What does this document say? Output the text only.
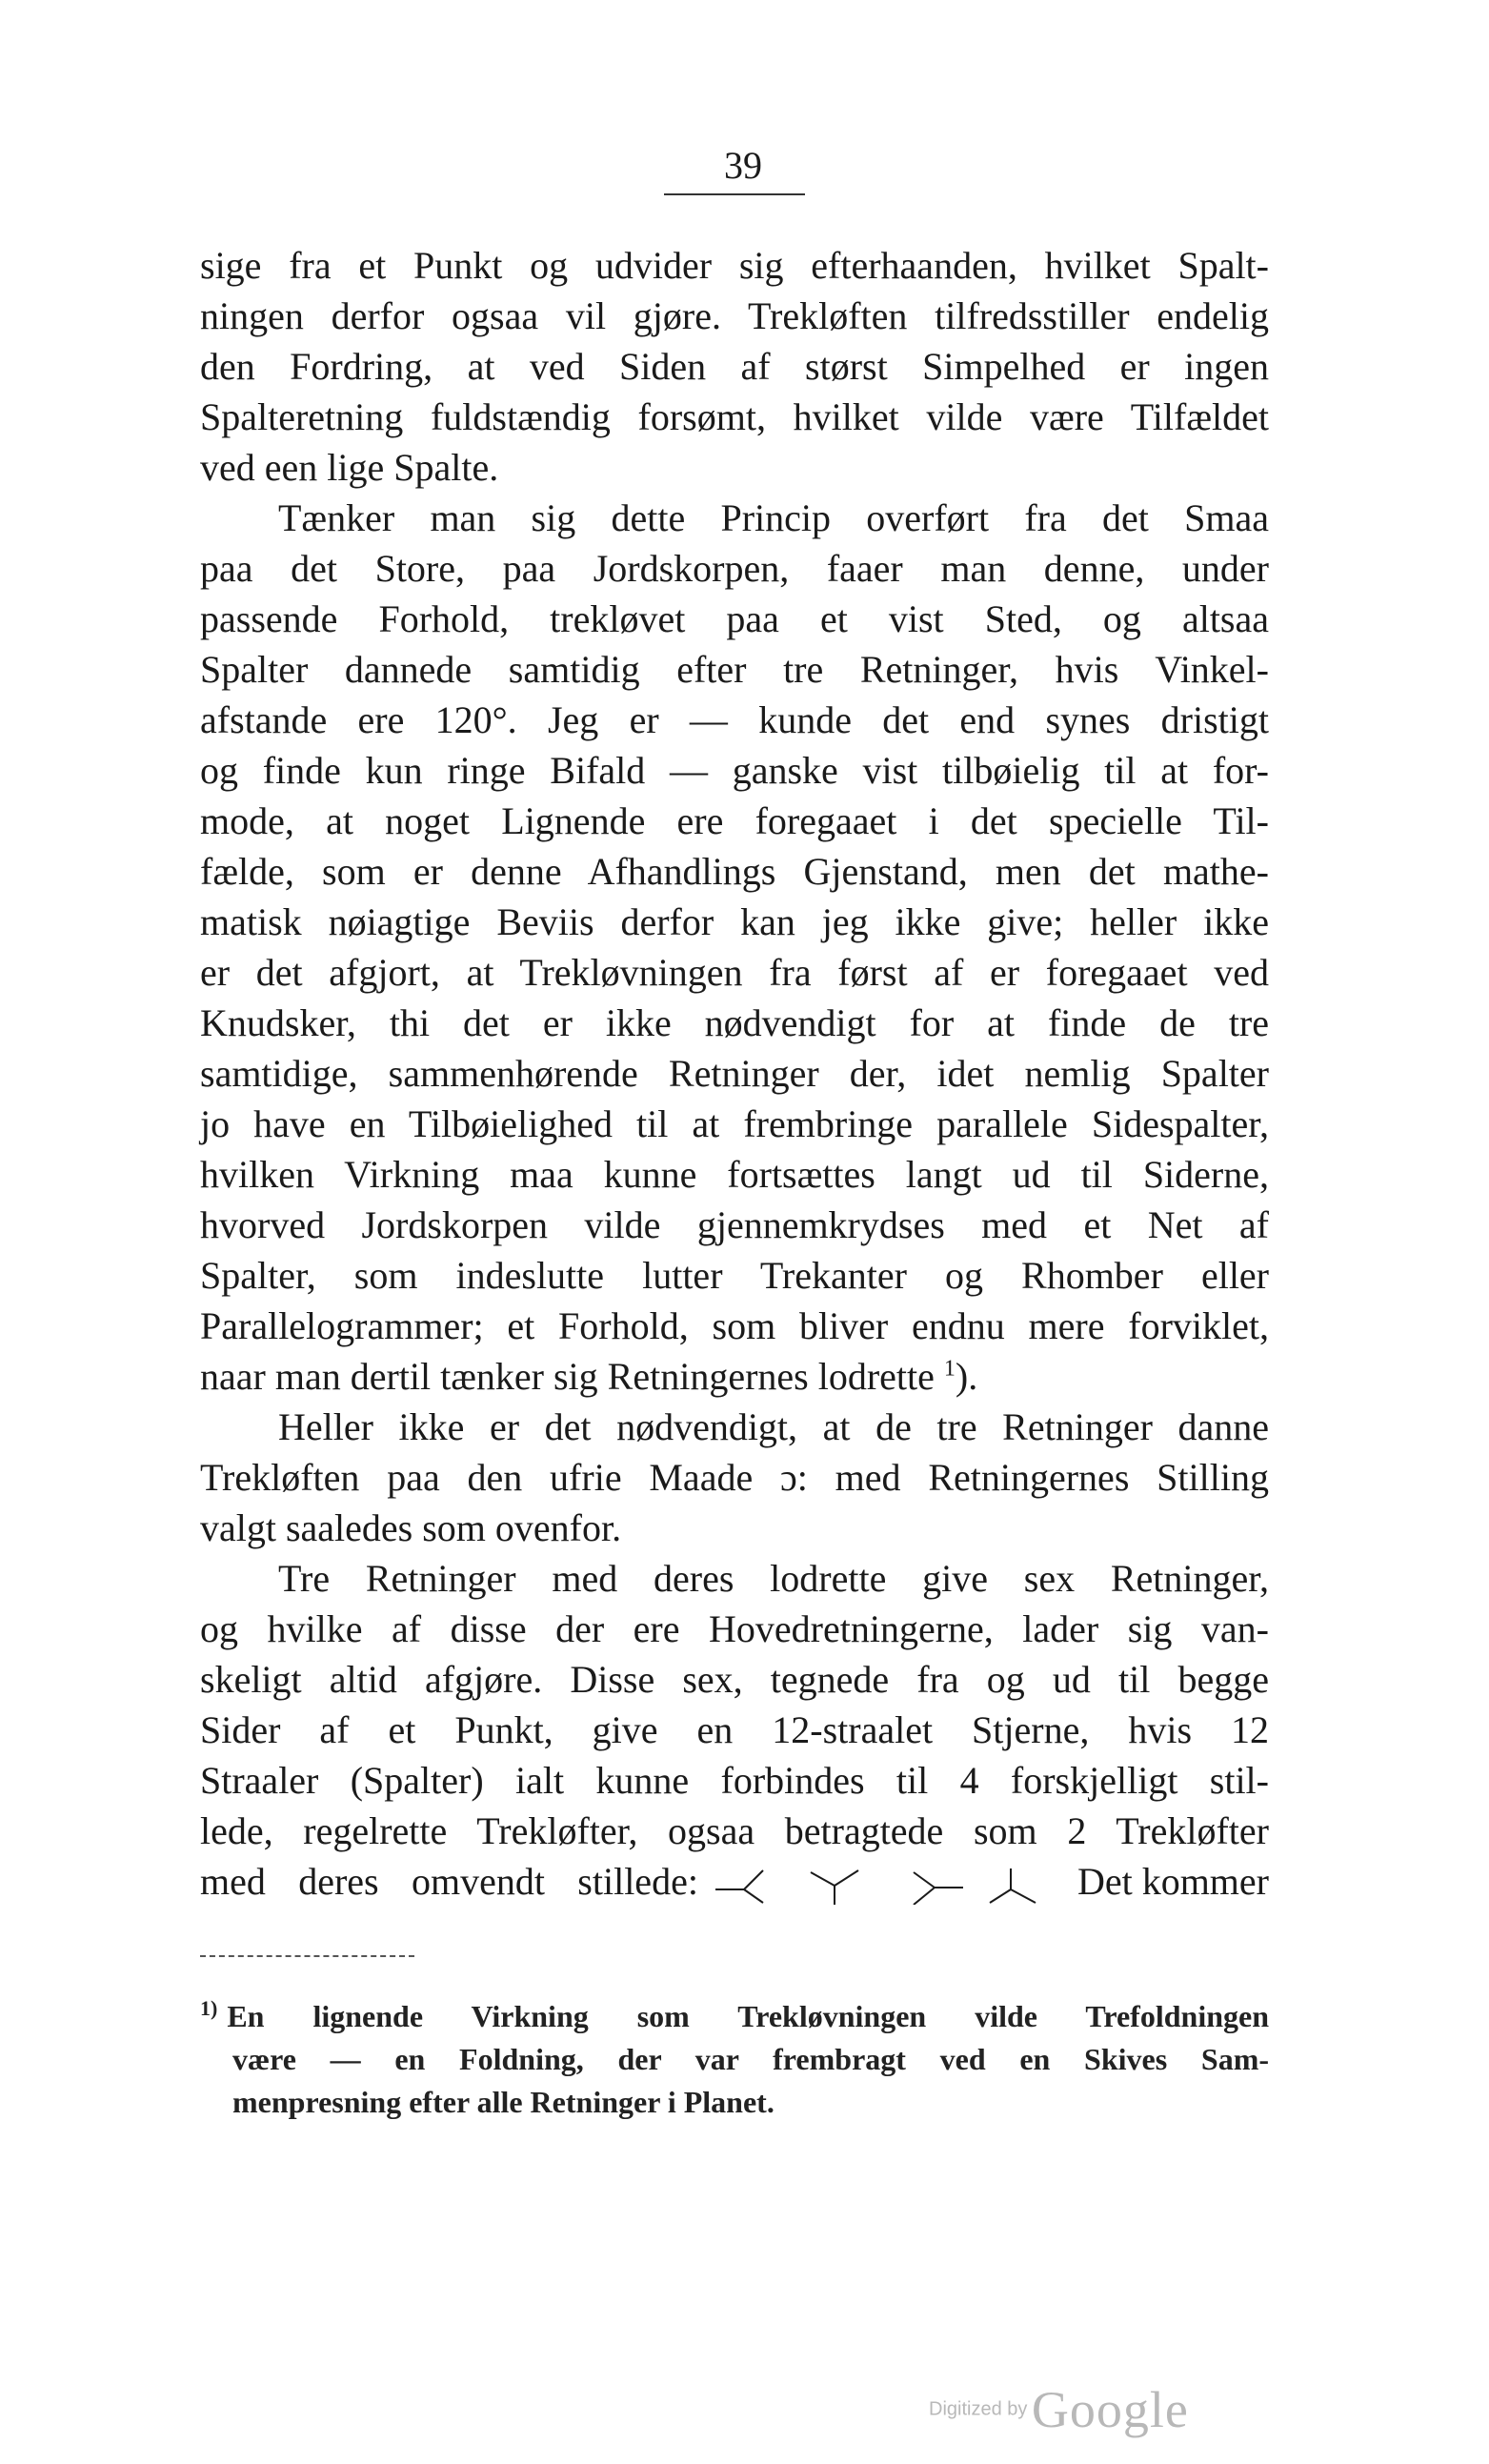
39

sige fra et Punkt og udvider sig efterhaanden, hvilket Spalt-
ningen derfor ogsaa vil gjøre. Trekløften tilfredsstiller endelig
den Fordring, at ved Siden af størst Simpelhed er ingen
Spalteretning fuldstændig forsømt, hvilket vilde være Tilfældet
ved een lige Spalte.

Tænker man sig dette Princip overført fra det Smaa
paa det Store, paa Jordskorpen, faaer man denne, under
passende Forhold, trekløvet paa et vist Sted, og altsaa
Spalter dannede samtidig efter tre Retninger, hvis Vinkel-
afstande ere 120°. Jeg er — kunde det end synes dristigt
og finde kun ringe Bifald — ganske vist tilbøielig til at for-
mode, at noget Lignende ere foregaaet i det specielle Til-
fælde, som er denne Afhandlings Gjenstand, men det mathe-
matisk nøiagtige Beviis derfor kan jeg ikke give; heller ikke
er det afgjort, at Trekløvningen fra først af er foregaaet ved
Knudsker, thi det er ikke nødvendigt for at finde de tre
samtidige, sammenhørende Retninger der, idet nemlig Spalter
jo have en Tilbøielighed til at frembringe parallele Sidespalter,
hvilken Virkning maa kunne fortsættes langt ud til Siderne,
hvorved Jordskorpen vilde gjennemkrydses med et Net af
Spalter, som indeslutte lutter Trekanter og Rhomber eller
Parallelogrammer; et Forhold, som bliver endnu mere forviklet,
naar man dertil tænker sig Retningernes lodrette $^1$).

Heller ikke er det nødvendigt, at de tre Retninger danne
Trekløften paa den ufrie Maade ɔ: med Retningernes Stilling
valgt saaledes som ovenfor.

Tre Retninger med deres lodrette give sex Retninger,
og hvilke af disse der ere Hovedretningerne, lader sig van-
skeligt altid afgjøre. Disse sex, tegnede fra og ud til begge
Sider af et Punkt, give en 12-straalet Stjerne, hvis 12
Straaler (Spalter) ialt kunne forbindes til 4 forskjelligt stil-
lede, regelrette Trekløfter, ogsaa betragtede som 2 Trekløfter
med deres omvendt stillede:	Det kommer

$^{1)}$ En lignende Virkning som Trekløvningen vilde Trefoldningen
være — en Foldning, der var frembragt ved en Skives Sam-
menpresning efter alle Retninger i Planet.
Digitized by Google
